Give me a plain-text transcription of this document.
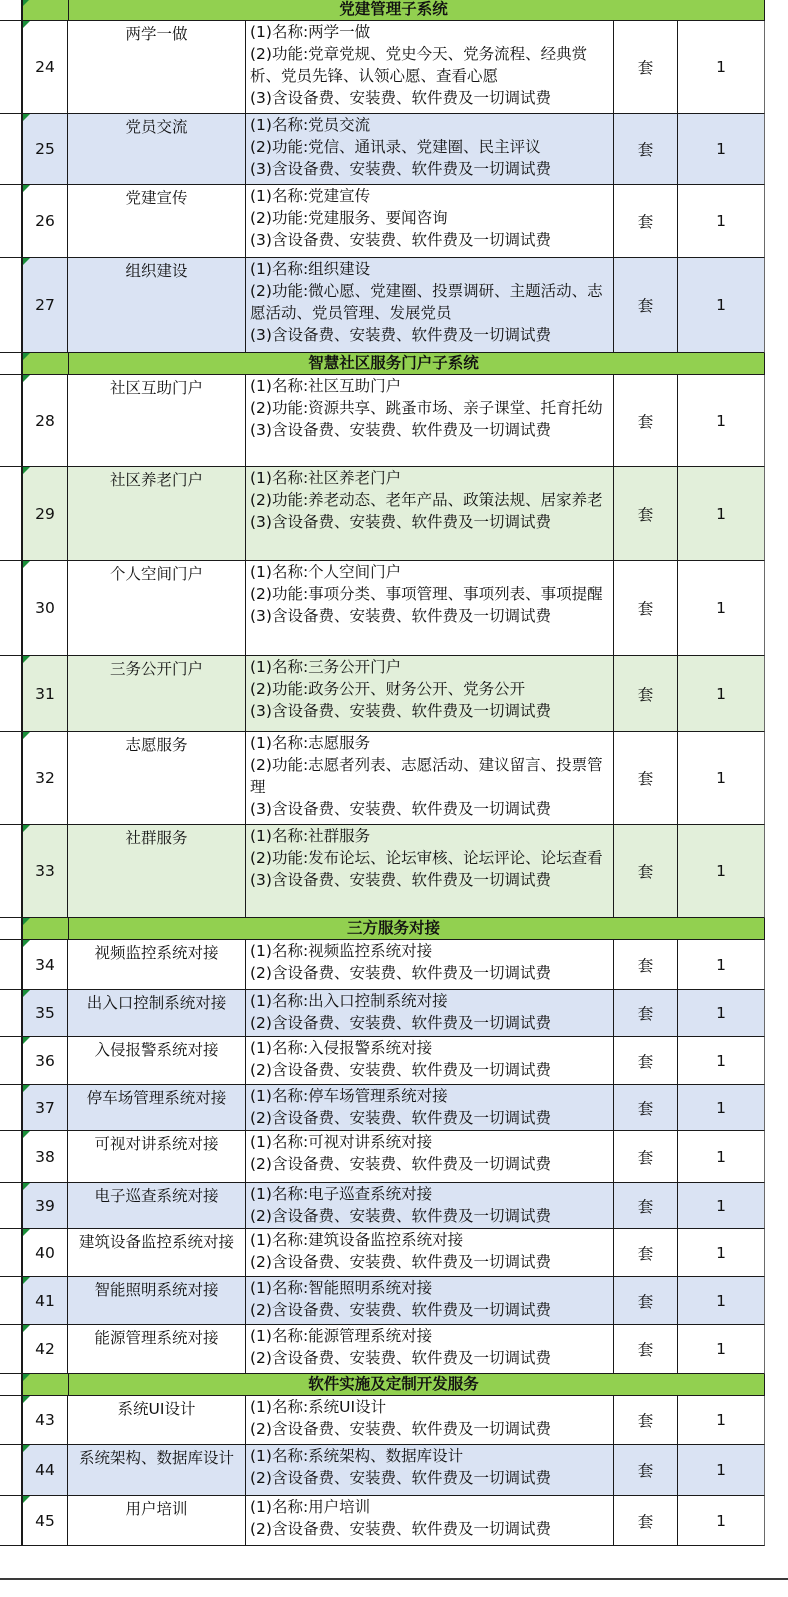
党建管理子系统
24
两学一做	(1)名称:两学一做
(2)功能:党章党规、党史今天、党务流程、经典赏析、党员先锋、认领心愿、查看心愿
(3)含设备费、安装费、软件费及一切调试费
套	1
25
党员交流	(1)名称:党员交流
(2)功能:党信、通讯录、党建圈、民主评议
(3)含设备费、安装费、软件费及一切调试费
套	1
26
党建宣传	(1)名称:党建宣传
(2)功能:党建服务、要闻咨询
(3)含设备费、安装费、软件费及一切调试费
套	1
27
组织建设	(1)名称:组织建设
(2)功能:微心愿、党建圈、投票调研、主题活动、志愿活动、党员管理、发展党员
(3)含设备费、安装费、软件费及一切调试费
套	1
智慧社区服务门户子系统
28
社区互助门户	(1)名称:社区互助门户
(2)功能:资源共享、跳蚤市场、亲子课堂、托育托幼
(3)含设备费、安装费、软件费及一切调试费	套	1
29
社区养老门户	(1)名称:社区养老门户
(2)功能:养老动态、老年产品、政策法规、居家养老
(3)含设备费、安装费、软件费及一切调试费	套	1
30
个人空间门户	(1)名称:个人空间门户
(2)功能:事项分类、事项管理、事项列表、事项提醒
(3)含设备费、安装费、软件费及一切调试费	套	1
31
三务公开门户	(1)名称:三务公开门户
(2)功能:政务公开、财务公开、党务公开
(3)含设备费、安装费、软件费及一切调试费
套	1
32
志愿服务	(1)名称:志愿服务
(2)功能:志愿者列表、志愿活动、建议留言、投票管理
(3)含设备费、安装费、软件费及一切调试费
套	1
33
社群服务	(1)名称:社群服务
(2)功能:发布论坛、论坛审核、论坛评论、论坛查看
(3)含设备费、安装费、软件费及一切调试费	套	1
三方服务对接
34
视频监控系统对接	(1)名称:视频监控系统对接
(2)含设备费、安装费、软件费及一切调试费	套	1
35
出入口控制系统对接	(1)名称:出入口控制系统对接
(2)含设备费、安装费、软件费及一切调试费	套	1
36
入侵报警系统对接	(1)名称:入侵报警系统对接
(2)含设备费、安装费、软件费及一切调试费	套	1
37
停车场管理系统对接	(1)名称:停车场管理系统对接
(2)含设备费、安装费、软件费及一切调试费
套	1
38
可视对讲系统对接	(1)名称:可视对讲系统对接
(2)含设备费、安装费、软件费及一切调试费	套	1
39
电子巡查系统对接	(1)名称:电子巡查系统对接
(2)含设备费、安装费、软件费及一切调试费
套	1
40
建筑设备监控系统对接	(1)名称:建筑设备监控系统对接
(2)含设备费、安装费、软件费及一切调试费	套	1
41
智能照明系统对接	(1)名称:智能照明系统对接
(2)含设备费、安装费、软件费及一切调试费	套	1
42
能源管理系统对接	(1)名称:能源管理系统对接
(2)含设备费、安装费、软件费及一切调试费	套	1
软件实施及定制开发服务
43
系统UI设计	(1)名称:系统UI设计
(2)含设备费、安装费、软件费及一切调试费	套	1
44
系统架构、数据库设计	(1)名称:系统架构、数据库设计
(2)含设备费、安装费、软件费及一切调试费	套	1
45
用户培训	(1)名称:用户培训
(2)含设备费、安装费、软件费及一切调试费	套	1
